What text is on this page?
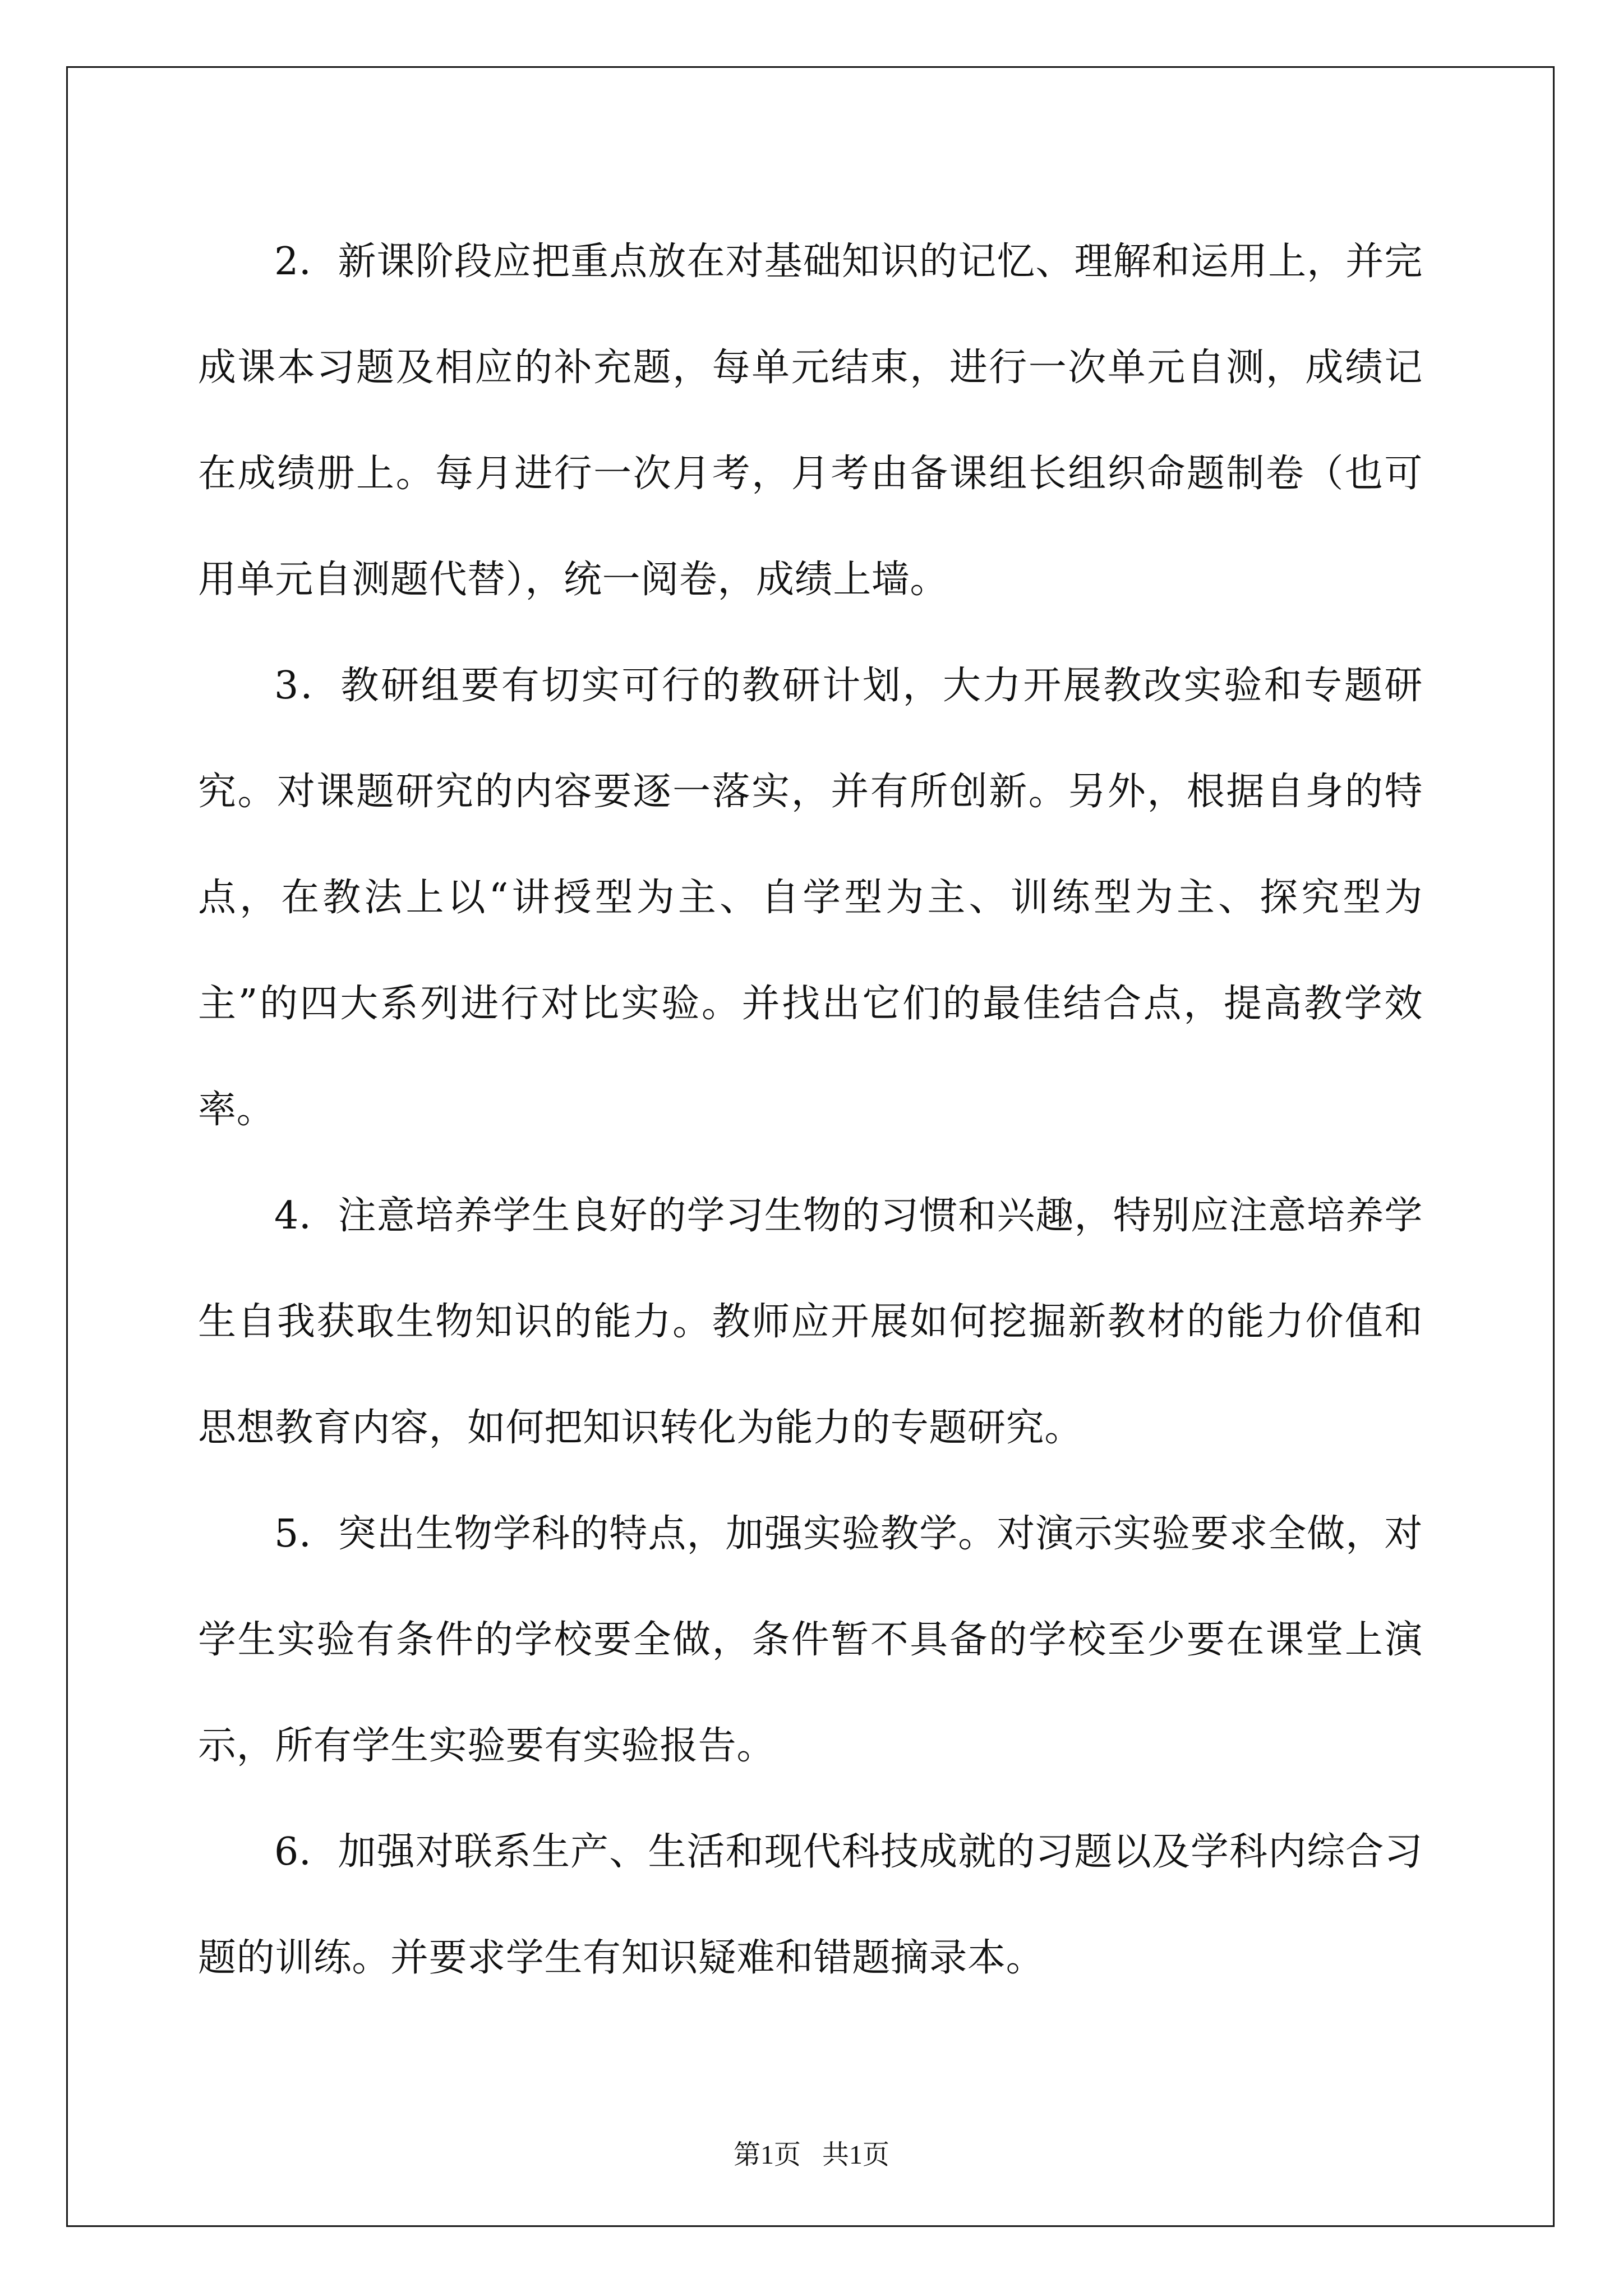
2．新课阶段应把重点放在对基础知识的记忆、理解和运用上，并完成课本习题及相应的补充题，每单元结束，进行一次单元自测，成绩记在成绩册上。每月进行一次月考，月考由备课组长组织命题制卷（也可用单元自测题代替），统一阅卷，成绩上墙。

3．教研组要有切实可行的教研计划，大力开展教改实验和专题研究。对课题研究的内容要逐一落实，并有所创新。另外，根据自身的特点，在教法上以“讲授型为主、自学型为主、训练型为主、探究型为主”的四大系列进行对比实验。并找出它们的最佳结合点，提高教学效率。

4．注意培养学生良好的学习生物的习惯和兴趣，特别应注意培养学生自我获取生物知识的能力。教师应开展如何挖掘新教材的能力价值和思想教育内容，如何把知识转化为能力的专题研究。

5．突出生物学科的特点，加强实验教学。对演示实验要求全做，对学生实验有条件的学校要全做，条件暂不具备的学校至少要在课堂上演示，所有学生实验要有实验报告。

6．加强对联系生产、生活和现代科技成就的习题以及学科内综合习题的训练。并要求学生有知识疑难和错题摘录本。

第1页 共1页
